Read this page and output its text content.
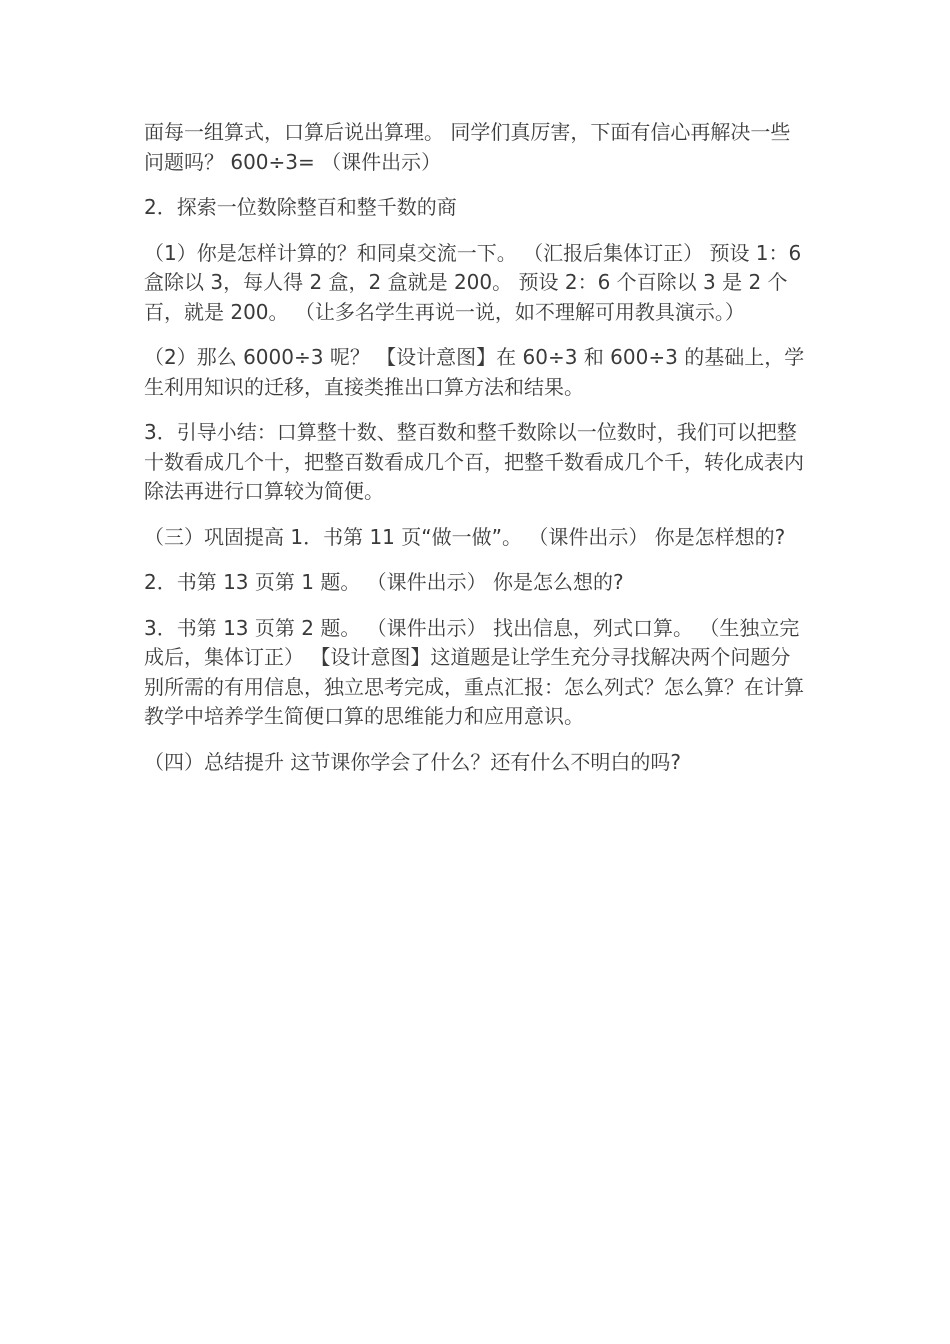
面每一组算式，口算后说出算理。 同学们真厉害，下面有信心再解决一些问题吗？ 600÷3= （课件出示）

2．探索一位数除整百和整千数的商

（1）你是怎样计算的？和同桌交流一下。 （汇报后集体订正） 预设 1：6 盒除以 3，每人得 2 盒，2 盒就是 200。 预设 2：6 个百除以 3 是 2 个百，就是 200。 （让多名学生再说一说，如不理解可用教具演示。）

（2）那么 6000÷3 呢？ 【设计意图】在 60÷3 和 600÷3 的基础上，学生利用知识的迁移，直接类推出口算方法和结果。

3．引导小结：口算整十数、整百数和整千数除以一位数时，我们可以把整十数看成几个十，把整百数看成几个百，把整千数看成几个千，转化成表内除法再进行口算较为简便。

（三）巩固提高 1．书第 11 页“做一做”。 （课件出示） 你是怎样想的?

2．书第 13 页第 1 题。 （课件出示） 你是怎么想的?

3．书第 13 页第 2 题。 （课件出示） 找出信息，列式口算。 （生独立完成后，集体订正） 【设计意图】这道题是让学生充分寻找解决两个问题分别所需的有用信息，独立思考完成，重点汇报：怎么列式？怎么算？在计算教学中培养学生简便口算的思维能力和应用意识。

（四）总结提升 这节课你学会了什么？还有什么不明白的吗?
